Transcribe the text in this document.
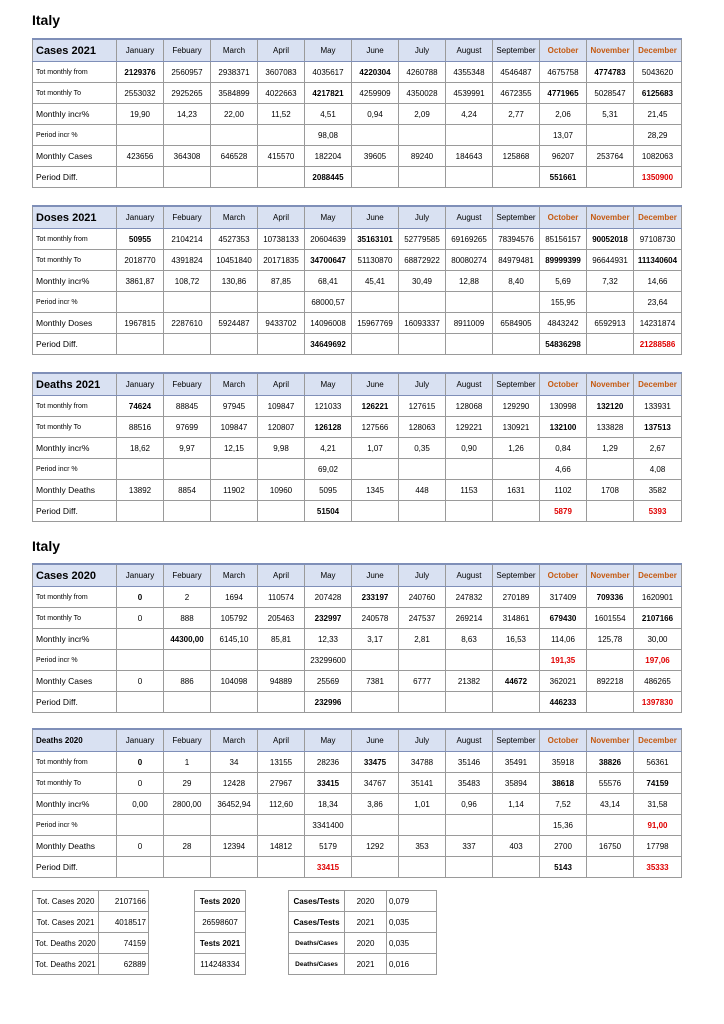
Italy
Italy
Cases 2021	January	Febuary	March	April	May	June	July	August	September	October	November	December
Tot monthly from	2129376	2560957	2938371	3607083	4035617	4220304	4260788	4355348	4546487	4675758	4774783	5043620
Tot monthly To	2553032	2925265	3584899	4022663	4217821	4259909	4350028	4539991	4672355	4771965	5028547	6125683
Monthly incr%	19,90	14,23	22,00	11,52	4,51	0,94	2,09	4,24	2,77	2,06	5,31	21,45
Period incr %					98,08					13,07		28,29
Monthly Cases	423656	364308	646528	415570	182204	39605	89240	184643	125868	96207	253764	1082063
Period Diff.					2088445					551661		1350900
Doses 2021	January	Febuary	March	April	May	June	July	August	September	October	November	December
Tot monthly from	50955	2104214	4527353	10738133	20604639	35163101	52779585	69169265	78394576	85156157	90052018	97108730
Tot monthly To	2018770	4391824	10451840	20171835	34700647	51130870	68872922	80080274	84979481	89999399	96644931	111340604
Monthly incr%	3861,87	108,72	130,86	87,85	68,41	45,41	30,49	12,88	8,40	5,69	7,32	14,66
Period incr %					68000,57					155,95		23,64
Monthly Doses	1967815	2287610	5924487	9433702	14096008	15967769	16093337	8911009	6584905	4843242	6592913	14231874
Period Diff.					34649692					54836298		21288586
Deaths 2021	January	Febuary	March	April	May	June	July	August	September	October	November	December
Tot monthly from	74624	88845	97945	109847	121033	126221	127615	128068	129290	130998	132120	133931
Tot monthly To	88516	97699	109847	120807	126128	127566	128063	129221	130921	132100	133828	137513
Monthly incr%	18,62	9,97	12,15	9,98	4,21	1,07	0,35	0,90	1,26	0,84	1,29	2,67
Period incr %					69,02					4,66		4,08
Monthly Deaths	13892	8854	11902	10960	5095	1345	448	1153	1631	1102	1708	3582
Period Diff.					51504					5879		5393
Cases 2020	January	Febuary	March	April	May	June	July	August	September	October	November	December
Tot monthly from	0	2	1694	110574	207428	233197	240760	247832	270189	317409	709336	1620901
Tot monthly To	0	888	105792	205463	232997	240578	247537	269214	314861	679430	1601554	2107166
Monthly incr%		44300,00	6145,10	85,81	12,33	3,17	2,81	8,63	16,53	114,06	125,78	30,00
Period incr %					23299600					191,35		197,06
Monthly Cases	0	886	104098	94889	25569	7381	6777	21382	44672	362021	892218	486265
Period Diff.					232996					446233		1397830
Deaths 2020	January	Febuary	March	April	May	June	July	August	September	October	November	December
Tot monthly from	0	1	34	13155	28236	33475	34788	35146	35491	35918	38826	56361
Tot monthly To	0	29	12428	27967	33415	34767	35141	35483	35894	38618	55576	74159
Monthly incr%	0,00	2800,00	36452,94	112,60	18,34	3,86	1,01	0,96	1,14	7,52	43,14	31,58
Period incr %					3341400					15,36		91,00
Monthly Deaths	0	28	12394	14812	5179	1292	353	337	403	2700	16750	17798
Period Diff.					33415					5143		35333
Tot. Cases 2020	2107166
Tot. Cases 2021	4018517
Tot. Deaths 2020	74159
Tot. Deaths 2021	62889
Tests 2020
26598607
Tests 2021
114248334
Cases/Tests	2020	0,079
Cases/Tests	2021	0,035
Deaths/Cases	2020	0,035
Deaths/Cases	2021	0,016
